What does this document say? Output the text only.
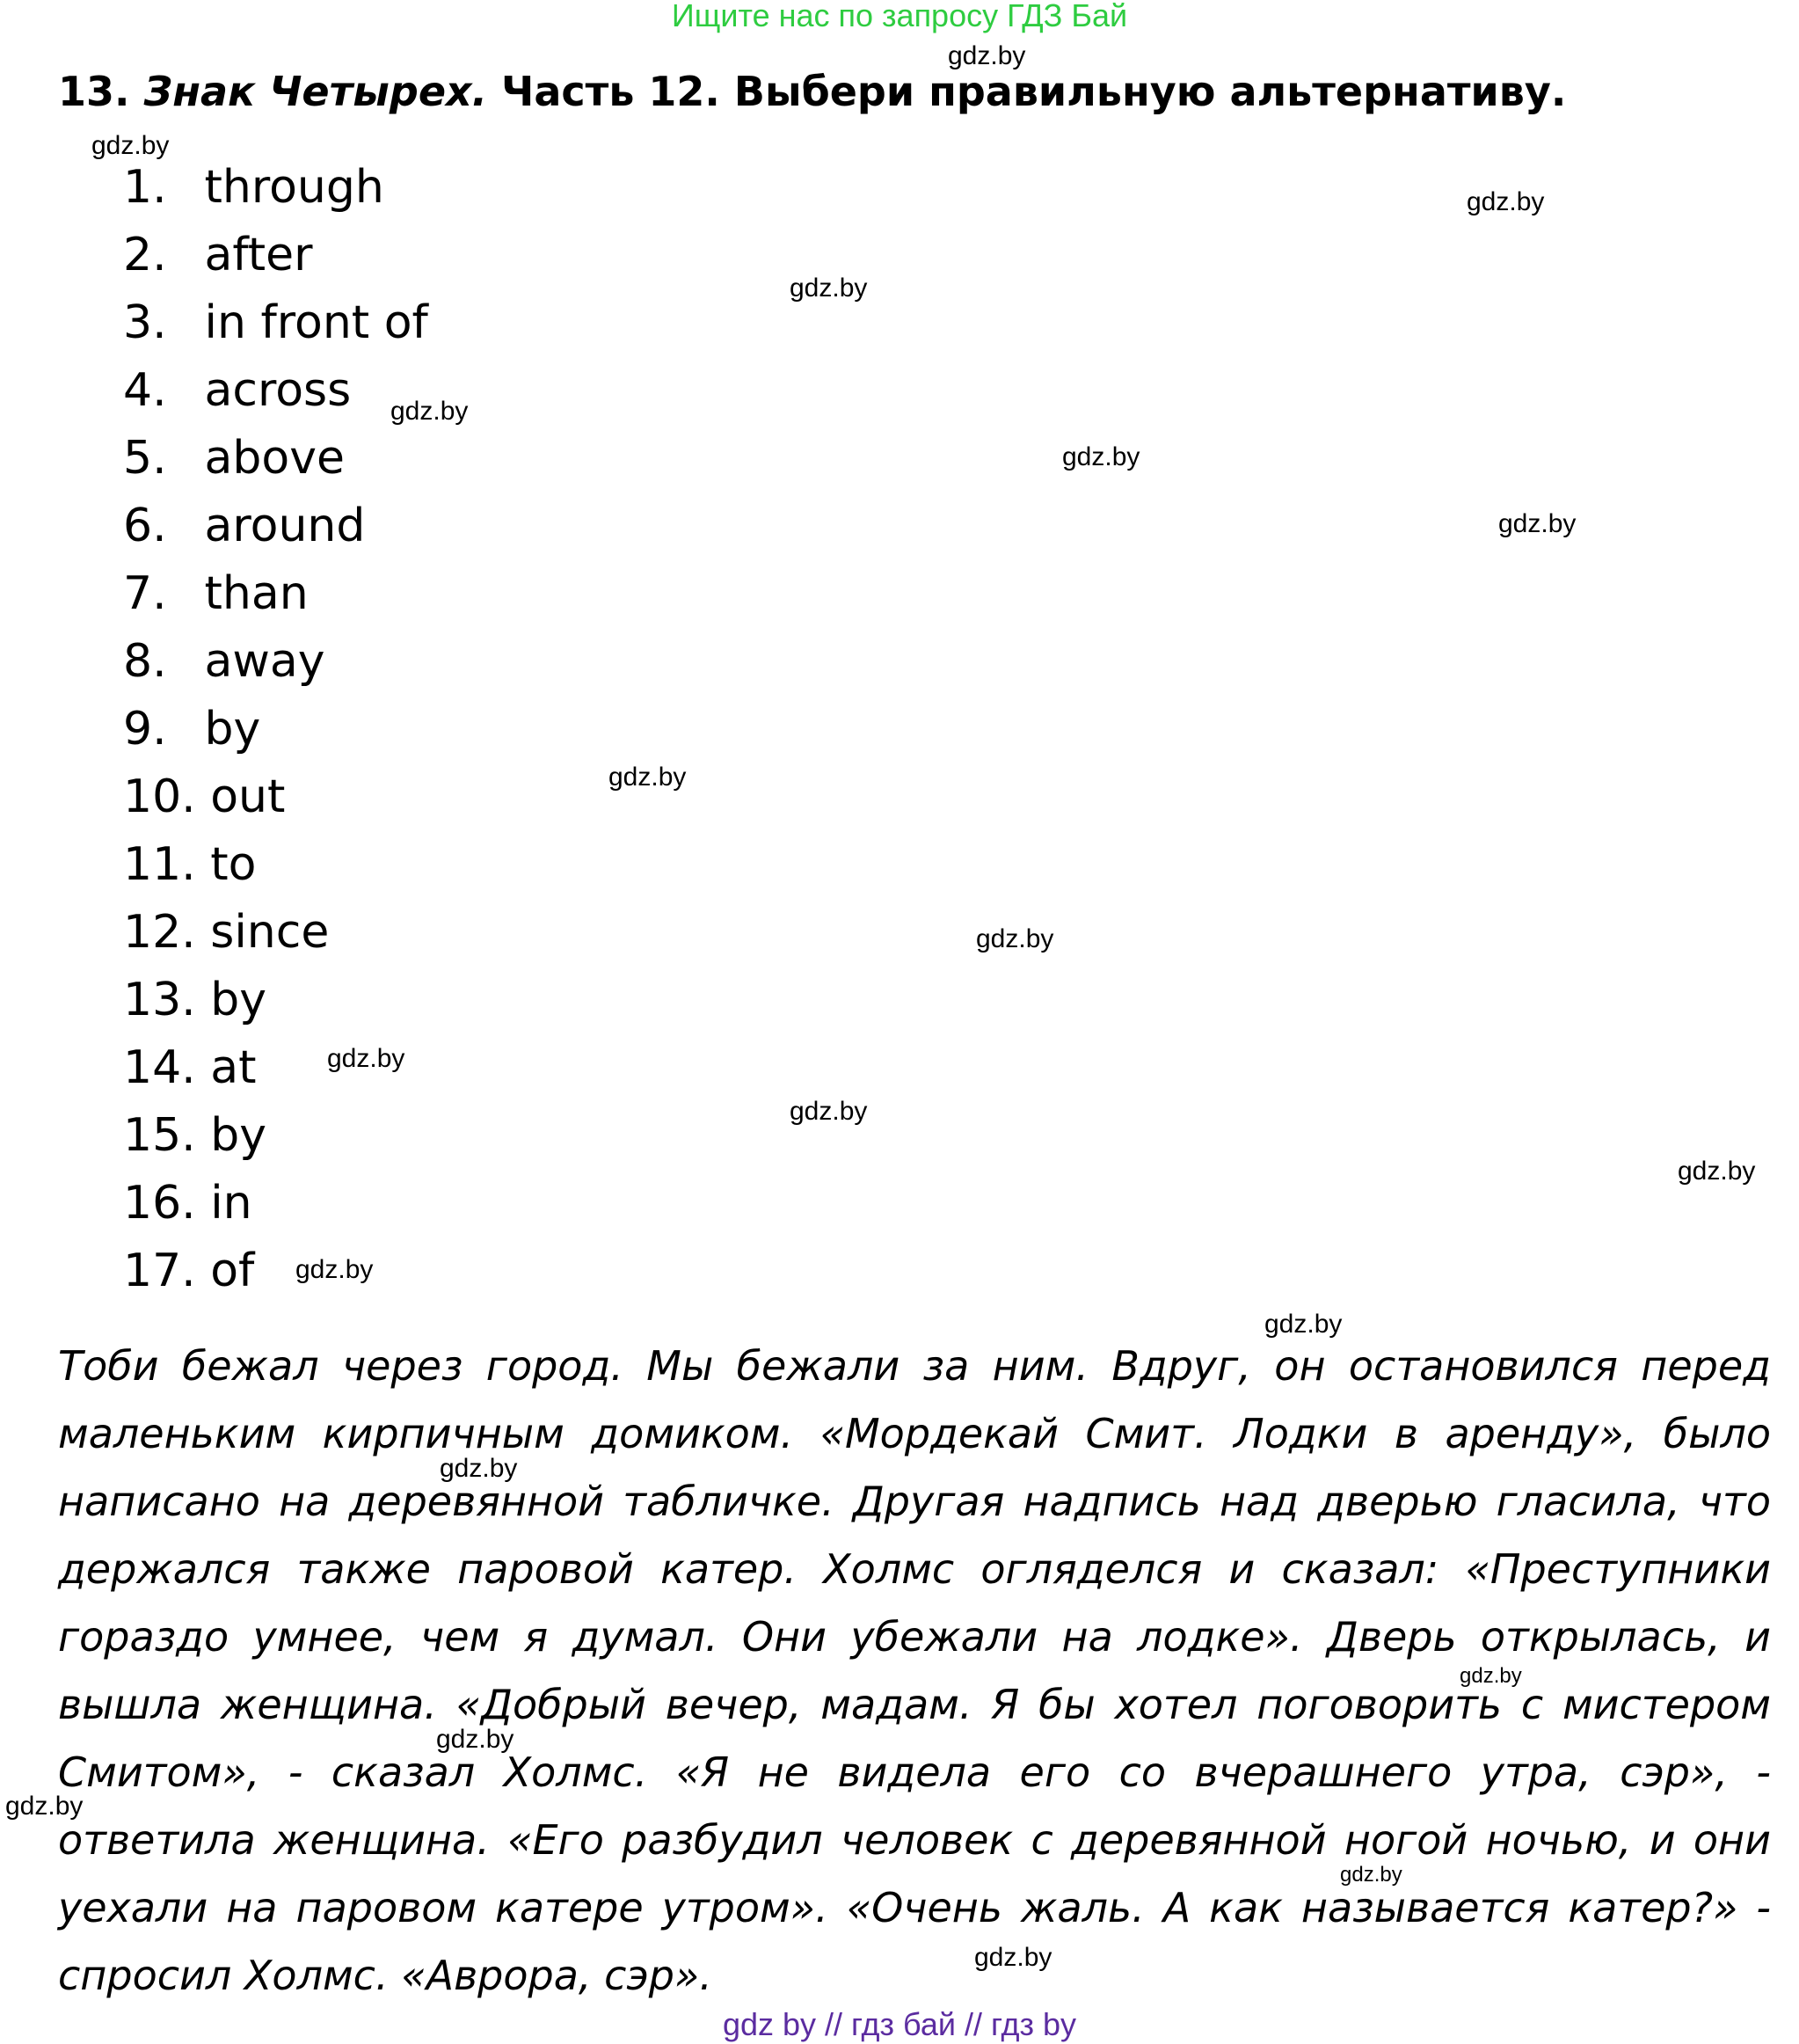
Ищите нас по запросу ГДЗ Бай
13. Знак Четырех. Часть 12. Выбери правильную альтернативу.
1. through
2. after
3. in front of
4. across
5. above
6. around
7. than
8. away
9. by
10. out
11. to
12. since
13. by
14. at
15. by
16. in
17. of

Тоби бежал через город. Мы бежали за ним. Вдруг, он остановился перед маленьким кирпичным домиком. «Мордекай Смит. Лодки в аренду», было написано на деревянной табличке. Другая надпись над дверью гласила, что держался также паровой катер. Холмс огляделся и сказал: «Преступники гораздо умнее, чем я думал. Они убежали на лодке». Дверь открылась, и вышла женщина. «Добрый вечер, мадам. Я бы хотел поговорить с мистером Смитом», - сказал Холмс. «Я не видела его со вчерашнего утра, сэр», - ответила женщина. «Его разбудил человек с деревянной ногой ночью, и они уехали на паровом катере утром». «Очень жаль. А как называется катер?» - спросил Холмс. «Аврора, сэр».

gdz.by
gdz.by
gdz.by
gdz.by
gdz.by
gdz.by
gdz.by
gdz.by
gdz.by
gdz.by
gdz.by
gdz.by
gdz.by
gdz.by
gdz.by
gdz.by
gdz.by
gdz.by
gdz.by
gdz.by
gdz by // гдз бай // гдз by
